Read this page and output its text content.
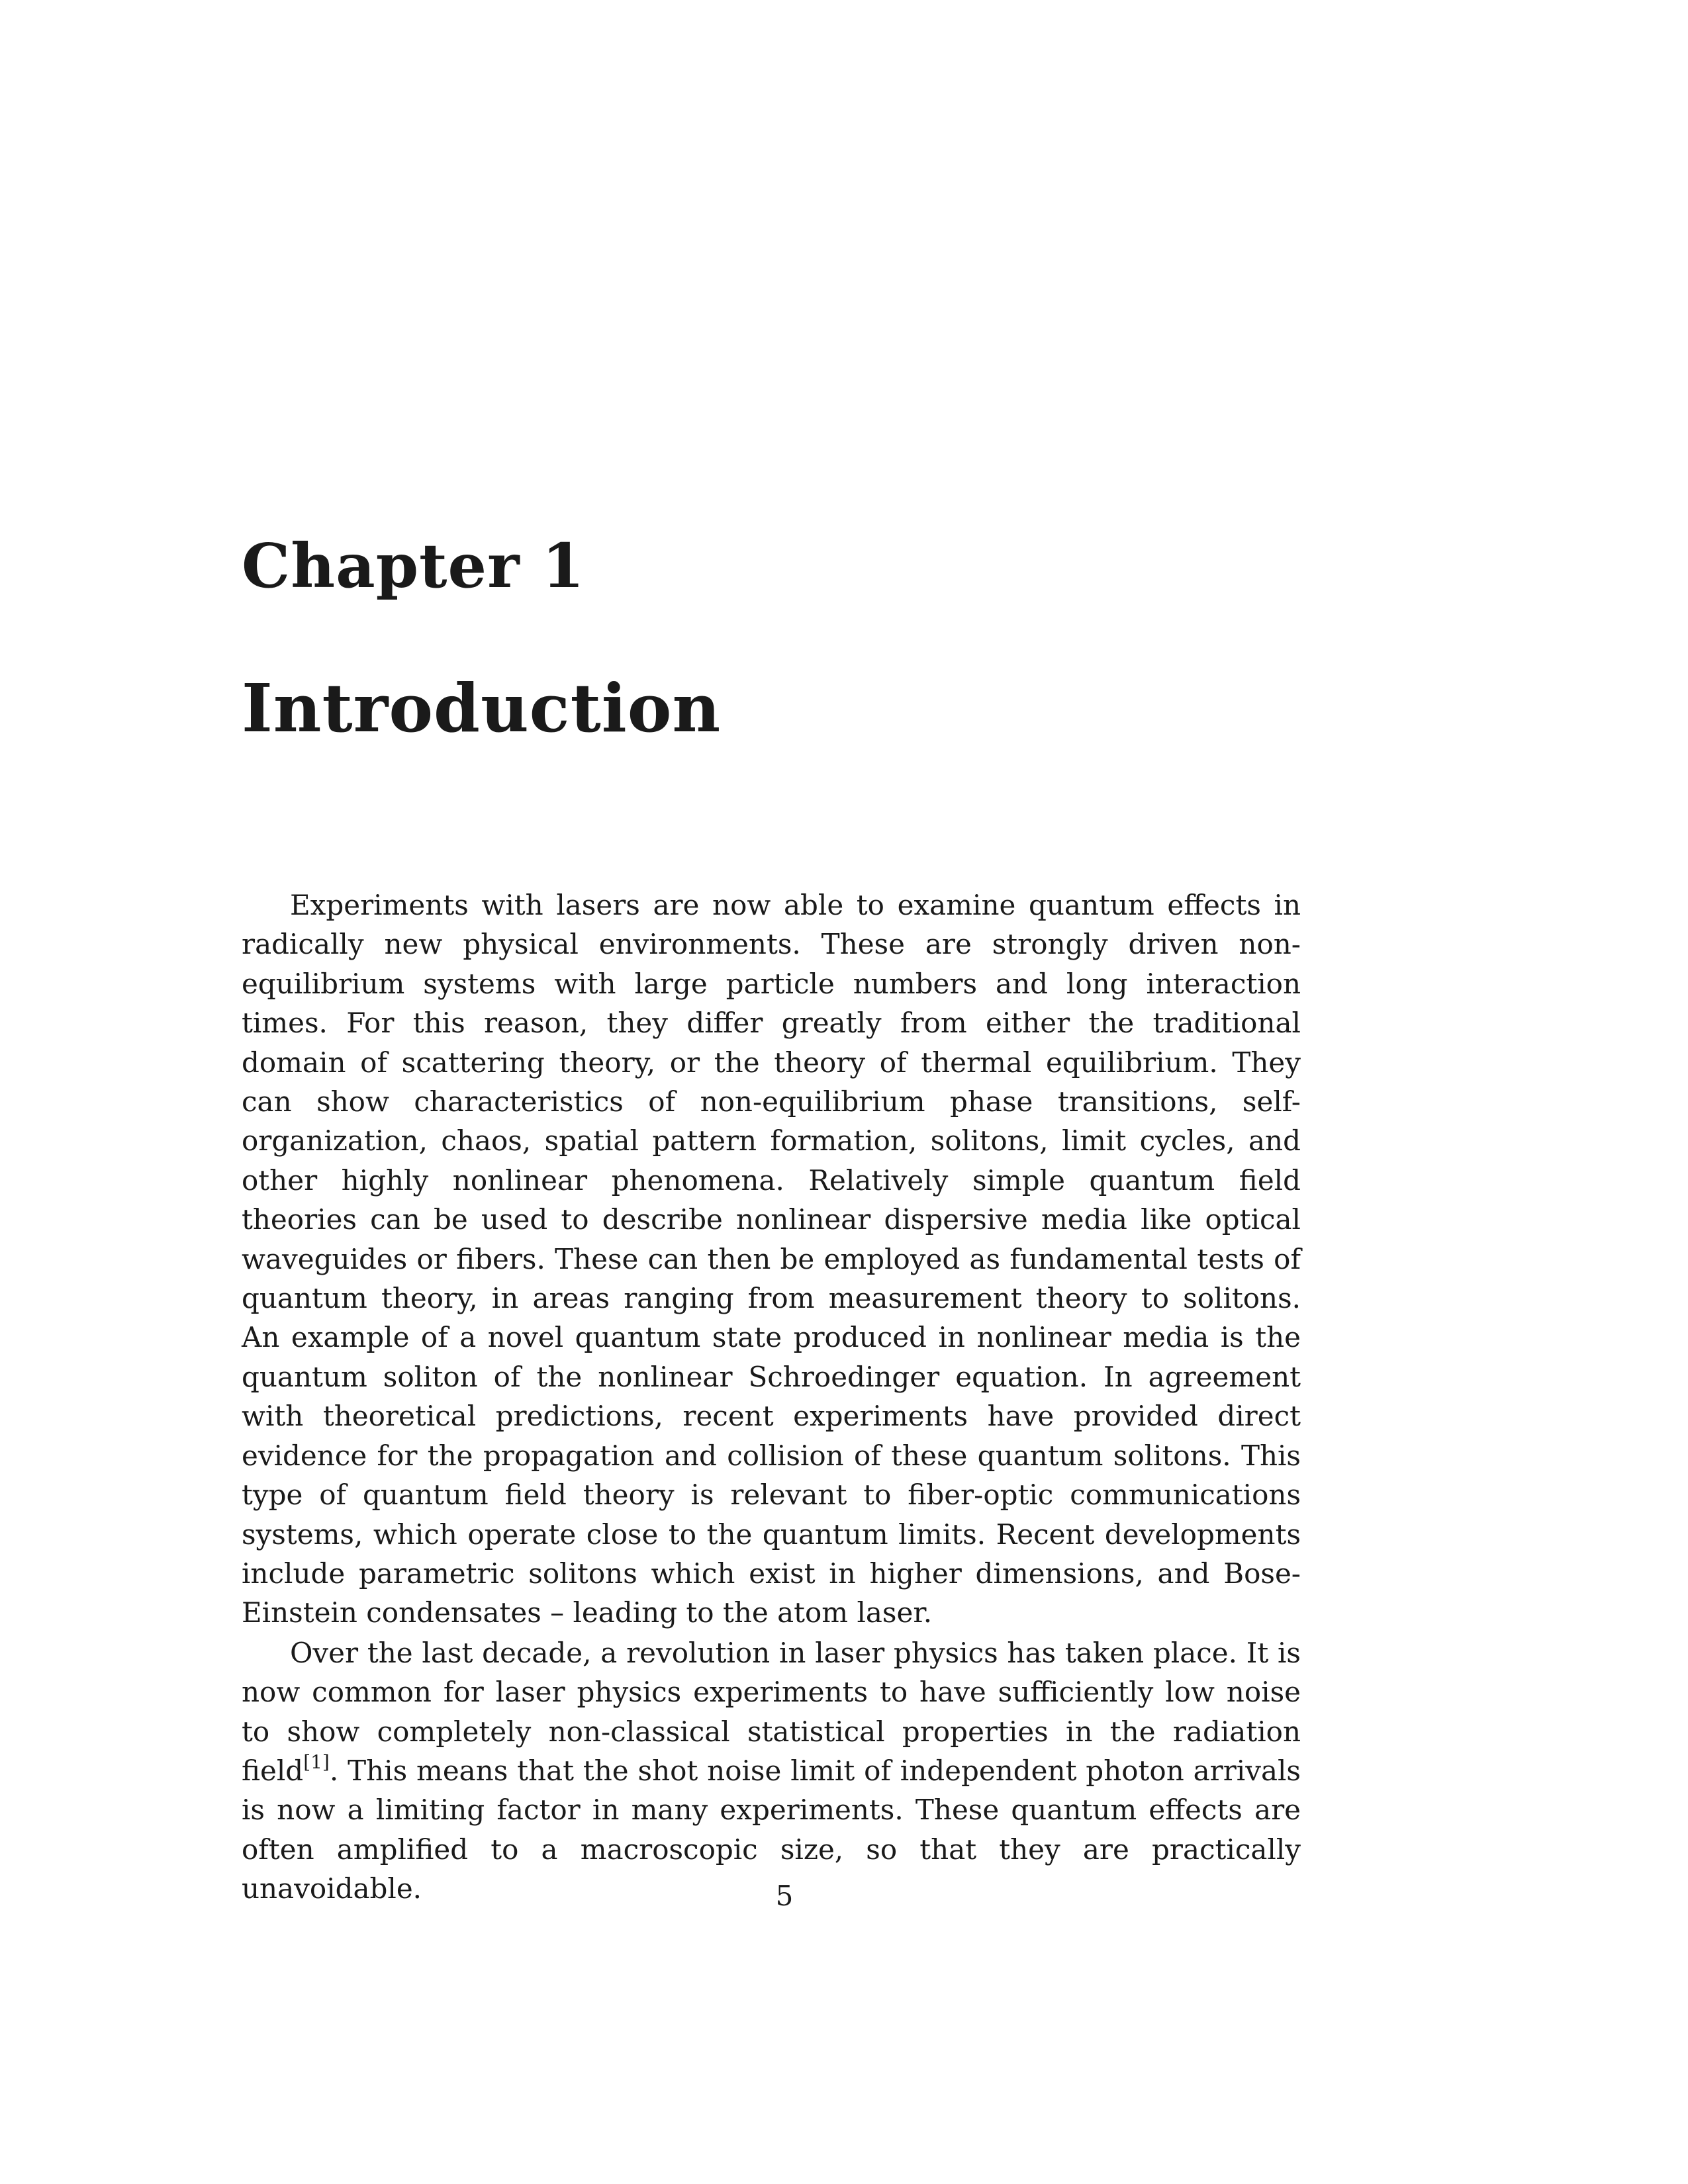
Chapter 1
Introduction

Experiments with lasers are now able to examine quantum effects in radically new physical environments. These are strongly driven non-equilibrium systems with large particle numbers and long interaction times. For this reason, they differ greatly from either the traditional domain of scattering theory, or the theory of thermal equilibrium. They can show characteristics of non-equilibrium phase transitions, self-organization, chaos, spatial pattern formation, solitons, limit cycles, and other highly nonlinear phenomena. Relatively simple quantum field theories can be used to describe nonlinear dispersive media like optical waveguides or fibers. These can then be employed as fundamental tests of quantum theory, in areas ranging from measurement theory to solitons. An example of a novel quantum state produced in nonlinear media is the quantum soliton of the nonlinear Schroedinger equation. In agreement with theoretical predictions, recent experiments have provided direct evidence for the propagation and collision of these quantum solitons. This type of quantum field theory is relevant to fiber-optic communications systems, which operate close to the quantum limits. Recent developments include parametric solitons which exist in higher dimensions, and Bose-Einstein condensates – leading to the atom laser.

Over the last decade, a revolution in laser physics has taken place. It is now common for laser physics experiments to have sufficiently low noise to show completely non-classical statistical properties in the radiation field[1]. This means that the shot noise limit of independent photon arrivals is now a limiting factor in many experiments. These quantum effects are often amplified to a macroscopic size, so that they are practically unavoidable.	5
